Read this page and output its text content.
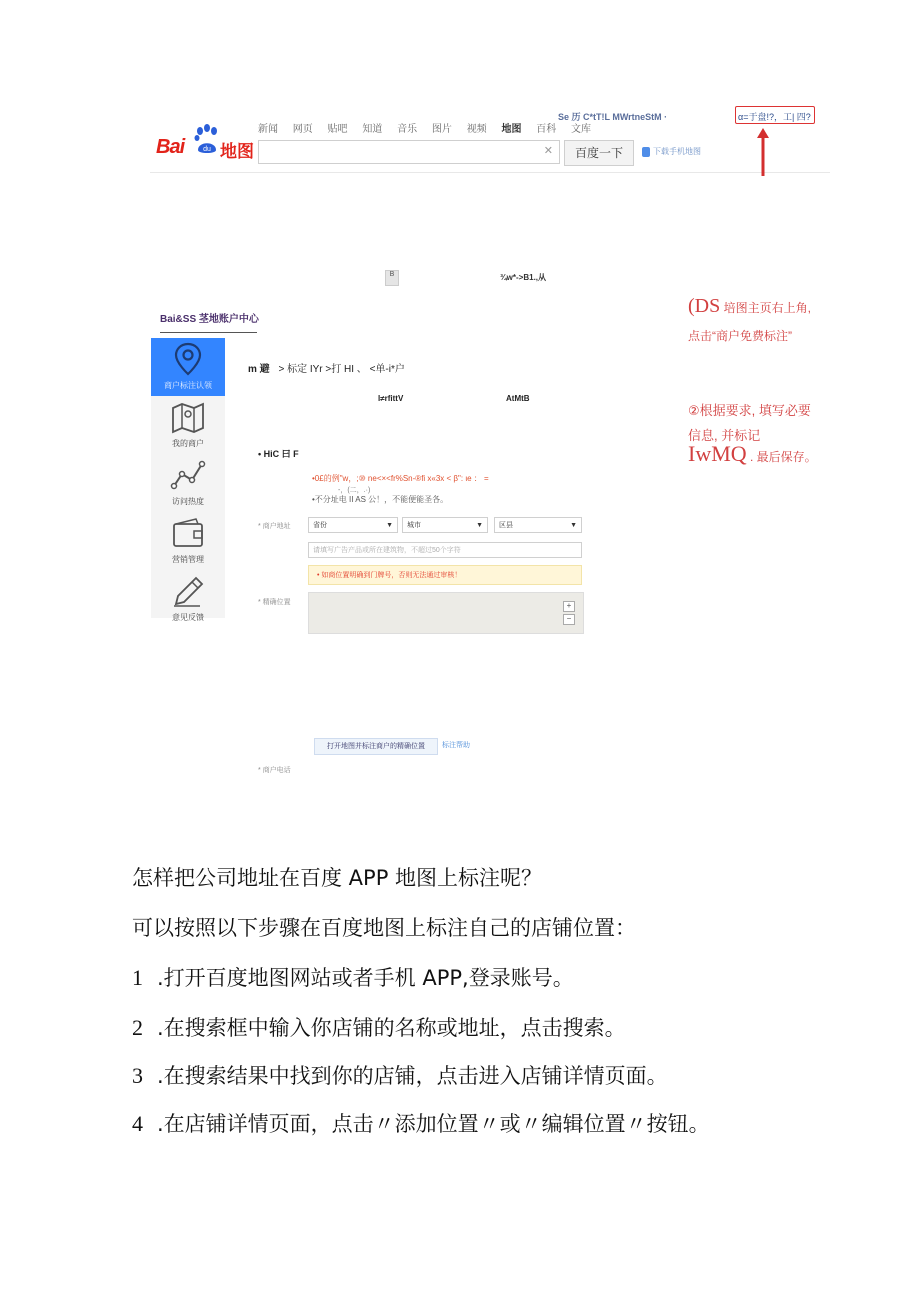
Bai	du 地图
新闻 网页 贴吧 知道 音乐 图片 视频 地图 百科 文库
Se 历 C*tT!L MWrtneStM ·	α=于盘!?，工| 四?
✕	百度一下	下载手机地图
B	¾w*->B1.,从
Bai&SS 茎地账户中心
商户标注认领
我的商户
访问热度
营销管理
意见反馈
m 避 > 标定 IYr >打 HI 、 <单-i*户
l≠rfittV	AtMtB
• HiC 曰 F
•0£的例"w，;⑩ ne<×<fr%Sn-®fi x«3x < β": ιe ： =
-，(二，.·)
•不分址电 II AS 公！，不能便能圣各。
* 商户地址	省份	▼	城市	▼	区县	▼
请填写广告产品或所在建筑物，不超过50个字符
• 如商位置明确到门牌号，否则无法通过审核！
* 精确位置	+
−
打开地图并标注商户的精确位置	标注帮助
* 商户电话
(DS 培图主页右上角,
点击“商户免费标注”
②根据要求, 填写必要
信息, 并标记
IwMQ . 最后保存。
怎样把公司地址在百度 APP 地图上标注呢？
可以按照以下步骤在百度地图上标注自己的店铺位置：
1 .打开百度地图网站或者手机 APP,登录账号。
2 .在搜索框中输入你店铺的名称或地址，点击搜索。
3 .在搜索结果中找到你的店铺，点击进入店铺详情页面。
4 .在店铺详情页面，点击〃添加位置〃或〃编辑位置〃按钮。
